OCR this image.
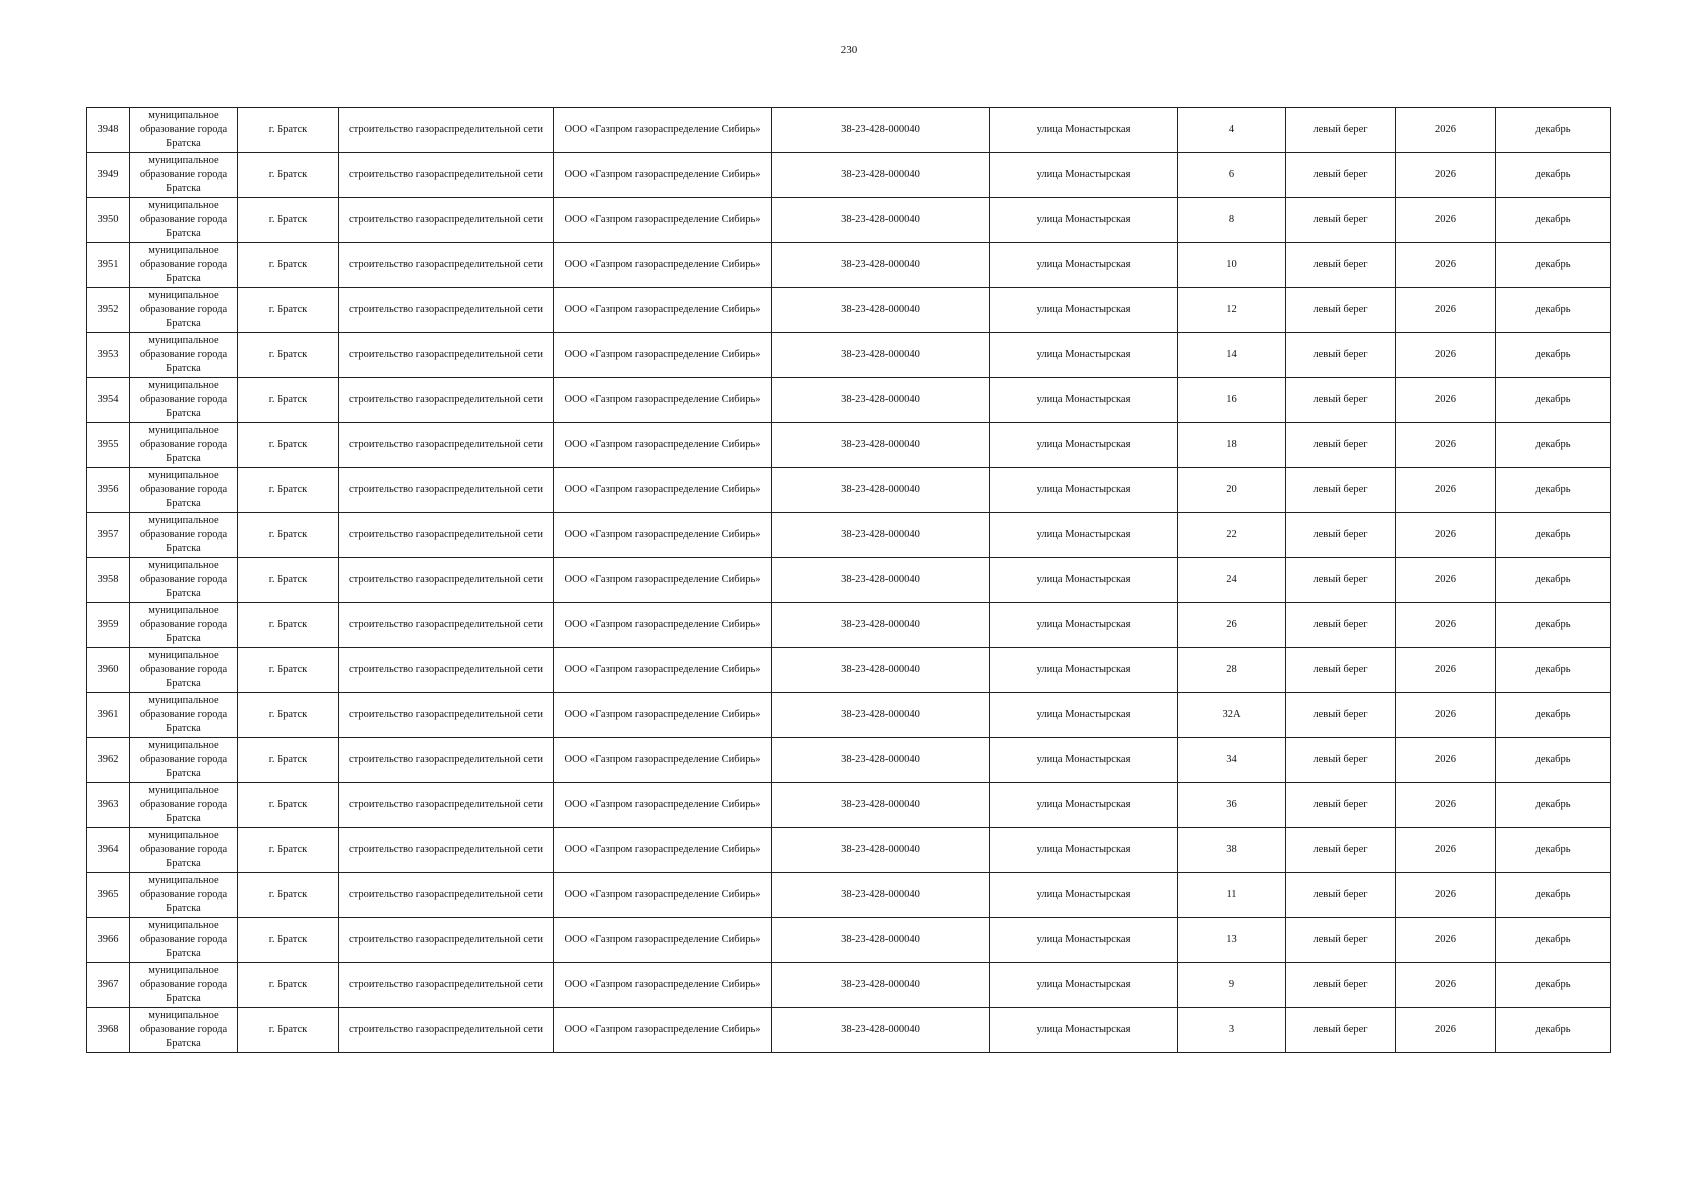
230
3948	муниципальное образование города Братска	г. Братск	строительство газораспределительной сети	ООО «Газпром газораспределение Сибирь»	38-23-428-000040	улица Монастырская	4	левый берег	2026	декабрь
3949	муниципальное образование города Братска	г. Братск	строительство газораспределительной сети	ООО «Газпром газораспределение Сибирь»	38-23-428-000040	улица Монастырская	6	левый берег	2026	декабрь
3950	муниципальное образование города Братска	г. Братск	строительство газораспределительной сети	ООО «Газпром газораспределение Сибирь»	38-23-428-000040	улица Монастырская	8	левый берег	2026	декабрь
3951	муниципальное образование города Братска	г. Братск	строительство газораспределительной сети	ООО «Газпром газораспределение Сибирь»	38-23-428-000040	улица Монастырская	10	левый берег	2026	декабрь
3952	муниципальное образование города Братска	г. Братск	строительство газораспределительной сети	ООО «Газпром газораспределение Сибирь»	38-23-428-000040	улица Монастырская	12	левый берег	2026	декабрь
3953	муниципальное образование города Братска	г. Братск	строительство газораспределительной сети	ООО «Газпром газораспределение Сибирь»	38-23-428-000040	улица Монастырская	14	левый берег	2026	декабрь
3954	муниципальное образование города Братска	г. Братск	строительство газораспределительной сети	ООО «Газпром газораспределение Сибирь»	38-23-428-000040	улица Монастырская	16	левый берег	2026	декабрь
3955	муниципальное образование города Братска	г. Братск	строительство газораспределительной сети	ООО «Газпром газораспределение Сибирь»	38-23-428-000040	улица Монастырская	18	левый берег	2026	декабрь
3956	муниципальное образование города Братска	г. Братск	строительство газораспределительной сети	ООО «Газпром газораспределение Сибирь»	38-23-428-000040	улица Монастырская	20	левый берег	2026	декабрь
3957	муниципальное образование города Братска	г. Братск	строительство газораспределительной сети	ООО «Газпром газораспределение Сибирь»	38-23-428-000040	улица Монастырская	22	левый берег	2026	декабрь
3958	муниципальное образование города Братска	г. Братск	строительство газораспределительной сети	ООО «Газпром газораспределение Сибирь»	38-23-428-000040	улица Монастырская	24	левый берег	2026	декабрь
3959	муниципальное образование города Братска	г. Братск	строительство газораспределительной сети	ООО «Газпром газораспределение Сибирь»	38-23-428-000040	улица Монастырская	26	левый берег	2026	декабрь
3960	муниципальное образование города Братска	г. Братск	строительство газораспределительной сети	ООО «Газпром газораспределение Сибирь»	38-23-428-000040	улица Монастырская	28	левый берег	2026	декабрь
3961	муниципальное образование города Братска	г. Братск	строительство газораспределительной сети	ООО «Газпром газораспределение Сибирь»	38-23-428-000040	улица Монастырская	32А	левый берег	2026	декабрь
3962	муниципальное образование города Братска	г. Братск	строительство газораспределительной сети	ООО «Газпром газораспределение Сибирь»	38-23-428-000040	улица Монастырская	34	левый берег	2026	декабрь
3963	муниципальное образование города Братска	г. Братск	строительство газораспределительной сети	ООО «Газпром газораспределение Сибирь»	38-23-428-000040	улица Монастырская	36	левый берег	2026	декабрь
3964	муниципальное образование города Братска	г. Братск	строительство газораспределительной сети	ООО «Газпром газораспределение Сибирь»	38-23-428-000040	улица Монастырская	38	левый берег	2026	декабрь
3965	муниципальное образование города Братска	г. Братск	строительство газораспределительной сети	ООО «Газпром газораспределение Сибирь»	38-23-428-000040	улица Монастырская	11	левый берег	2026	декабрь
3966	муниципальное образование города Братска	г. Братск	строительство газораспределительной сети	ООО «Газпром газораспределение Сибирь»	38-23-428-000040	улица Монастырская	13	левый берег	2026	декабрь
3967	муниципальное образование города Братска	г. Братск	строительство газораспределительной сети	ООО «Газпром газораспределение Сибирь»	38-23-428-000040	улица Монастырская	9	левый берег	2026	декабрь
3968	муниципальное образование города Братска	г. Братск	строительство газораспределительной сети	ООО «Газпром газораспределение Сибирь»	38-23-428-000040	улица Монастырская	3	левый берег	2026	декабрь
